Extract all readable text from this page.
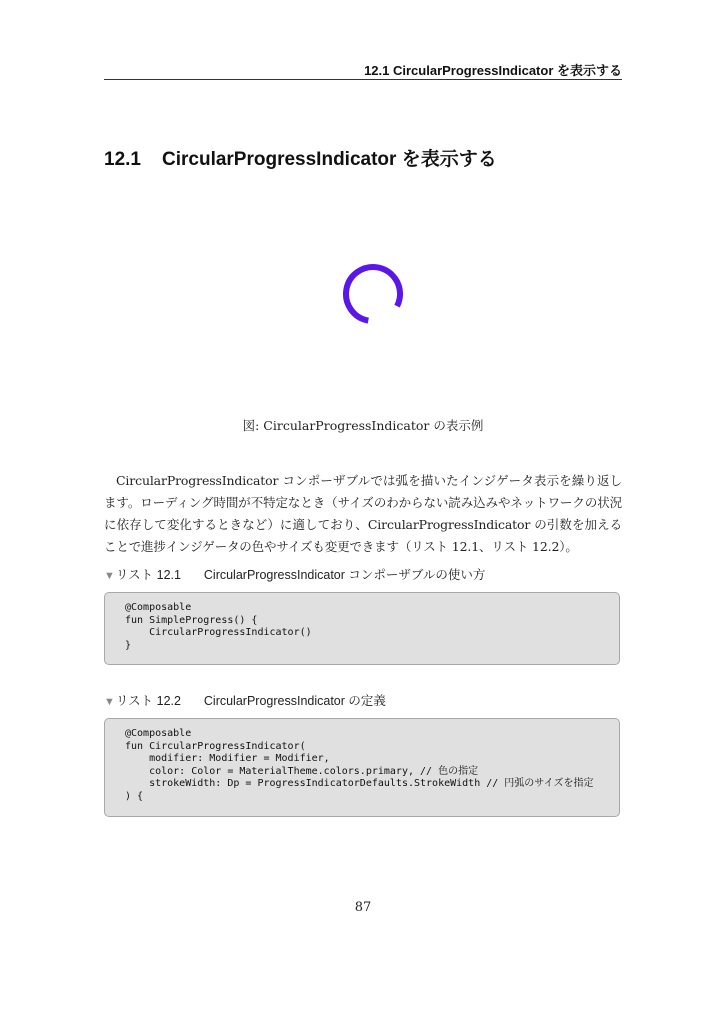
12.1 CircularProgressIndicator を表示する
12.1 CircularProgressIndicator を表示する
図: CircularProgressIndicator の表示例
CircularProgressIndicator コンポーザブルでは弧を描いたインジゲータ表示を繰り返します。ローディング時間が不特定なとき（サイズのわからない読み込みやネットワークの状況に依存して変化するときなど）に適しており、CircularProgressIndicator の引数を加えることで進捗インジゲータの色やサイズも変更できます（リスト 12.1、リスト 12.2）。
▼リスト 12.1 CircularProgressIndicator コンポーザブルの使い方
@Composable
fun SimpleProgress() {
CircularProgressIndicator()
}
▼リスト 12.2 CircularProgressIndicator の定義
@Composable
fun CircularProgressIndicator(
modifier: Modifier = Modifier,
color: Color = MaterialTheme.colors.primary, // 色の指定
strokeWidth: Dp = ProgressIndicatorDefaults.StrokeWidth // 円弧のサイズを指定
) {
87
